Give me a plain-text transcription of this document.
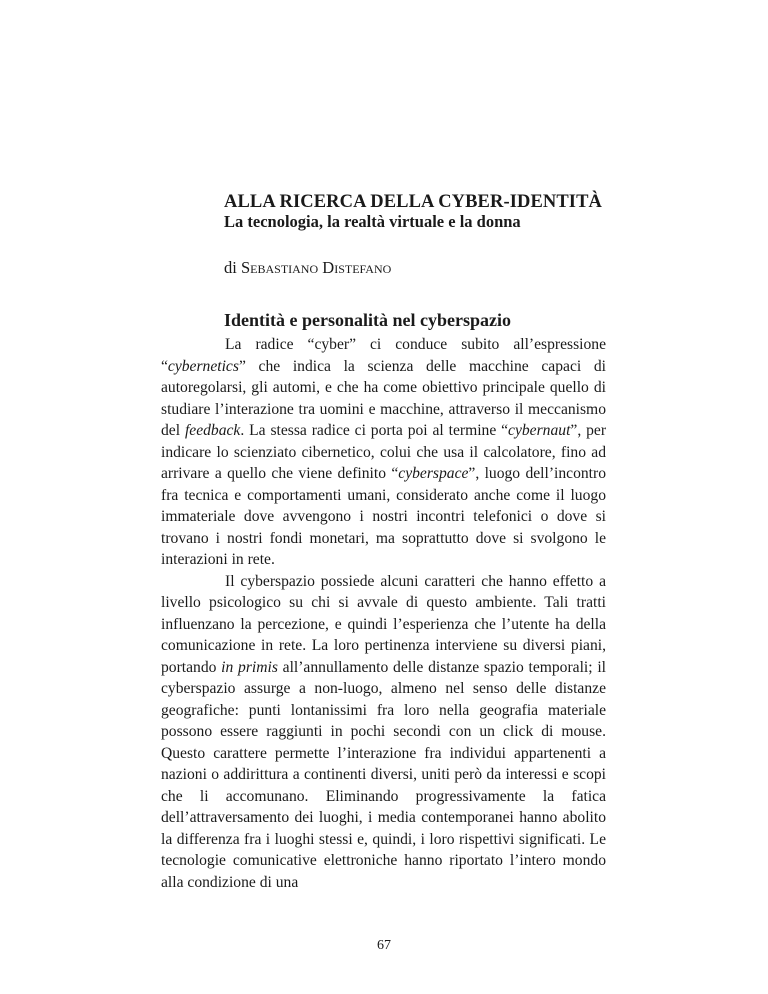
ALLA RICERCA DELLA CYBER-IDENTITÀ
La tecnologia, la realtà virtuale e la donna
di Sebastiano Distefano
Identità e personalità nel cyberspazio

La radice “cyber” ci conduce subito all’espressione “cybernetics” che indica la scienza delle macchine capaci di autoregolarsi, gli automi, e che ha come obiettivo principale quello di studiare l’interazione tra uomini e macchine, attraverso il meccanismo del feedback. La stessa radice ci porta poi al termine “cybernaut”, per indicare lo scienziato cibernetico, colui che usa il calcolatore, fino ad arrivare a quello che viene definito “cyberspace”, luogo dell’incontro fra tecnica e comportamenti umani, considerato anche come il luogo immateriale dove avvengono i nostri incontri telefonici o dove si trovano i nostri fondi monetari, ma soprattutto dove si svolgono le interazioni in rete.

Il cyberspazio possiede alcuni caratteri che hanno effetto a livello psicologico su chi si avvale di questo ambiente. Tali tratti influenzano la percezione, e quindi l’esperienza che l’utente ha della comunicazione in rete. La loro pertinenza interviene su diversi piani, portando in primis all’annullamento delle distanze spazio temporali; il cyberspazio assurge a non-luogo, almeno nel senso delle distanze geografiche: punti lontanissimi fra loro nella geografia materiale possono essere raggiunti in pochi secondi con un click di mouse. Questo carattere permette l’interazione fra individui appartenenti a nazioni o addirittura a continenti diversi, uniti però da interessi e scopi che li accomunano. Eliminando progressivamente la fatica dell’attraversamento dei luoghi, i media contemporanei hanno abolito la differenza fra i luoghi stessi e, quindi, i loro rispettivi significati. Le tecnologie comunicative elettroniche hanno riportato l’intero mondo alla condizione di una

67
